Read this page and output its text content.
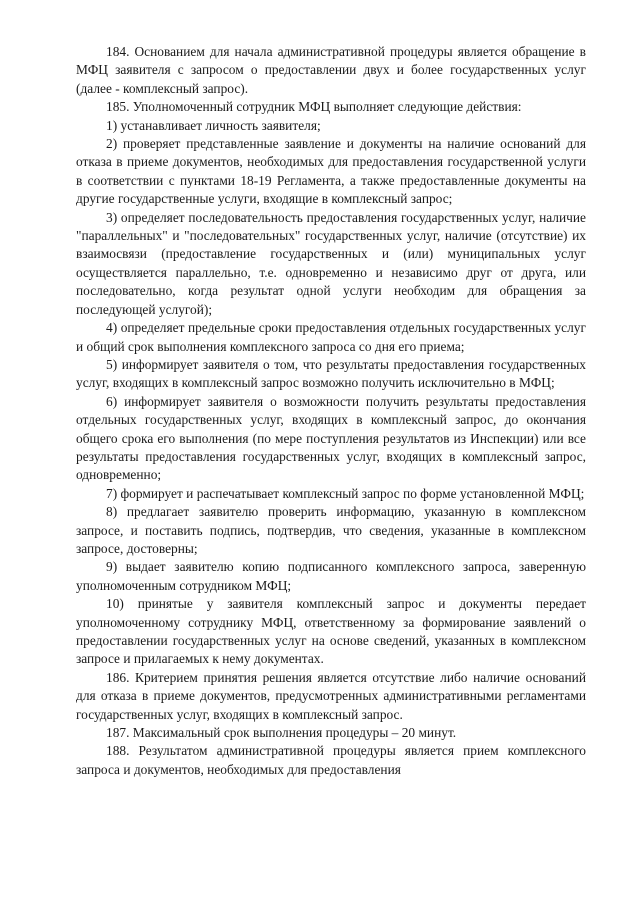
184. Основанием для начала административной процедуры является обращение в МФЦ заявителя с запросом о предоставлении двух и более государственных услуг (далее - комплексный запрос).

185. Уполномоченный сотрудник МФЦ выполняет следующие действия:

1) устанавливает личность заявителя;

2) проверяет представленные заявление и документы на наличие оснований для отказа в приеме документов, необходимых для предоставления государственной услуги в соответствии с пунктами 18-19 Регламента, а также предоставленные документы на другие государственные услуги, входящие в комплексный запрос;

3) определяет последовательность предоставления государственных услуг, наличие "параллельных" и "последовательных" государственных услуг, наличие (отсутствие) их взаимосвязи (предоставление государственных и (или) муниципальных услуг осуществляется параллельно, т.е. одновременно и независимо друг от друга, или последовательно, когда результат одной услуги необходим для обращения за последующей услугой);

4) определяет предельные сроки предоставления отдельных государственных услуг и общий срок выполнения комплексного запроса со дня его приема;

5) информирует заявителя о том, что результаты предоставления государственных услуг, входящих в комплексный запрос возможно получить исключительно в МФЦ;

6) информирует заявителя о возможности получить результаты предоставления отдельных государственных услуг, входящих в комплексный запрос, до окончания общего срока его выполнения (по мере поступления результатов из Инспекции) или все результаты предоставления государственных услуг, входящих в комплексный запрос, одновременно;

7) формирует и распечатывает комплексный запрос по форме установленной МФЦ;

8) предлагает заявителю проверить информацию, указанную в комплексном запросе, и поставить подпись, подтвердив, что сведения, указанные в комплексном запросе, достоверны;

9) выдает заявителю копию подписанного комплексного запроса, заверенную уполномоченным сотрудником МФЦ;

10) принятые у заявителя комплексный запрос и документы передает уполномоченному сотруднику МФЦ, ответственному за формирование заявлений о предоставлении государственных услуг на основе сведений, указанных в комплексном запросе и прилагаемых к нему документах.

186. Критерием принятия решения является отсутствие либо наличие оснований для отказа в приеме документов, предусмотренных административными регламентами государственных услуг, входящих в комплексный запрос.

187. Максимальный срок выполнения процедуры – 20 минут.

188. Результатом административной процедуры является прием комплексного запроса и документов, необходимых для предоставления
